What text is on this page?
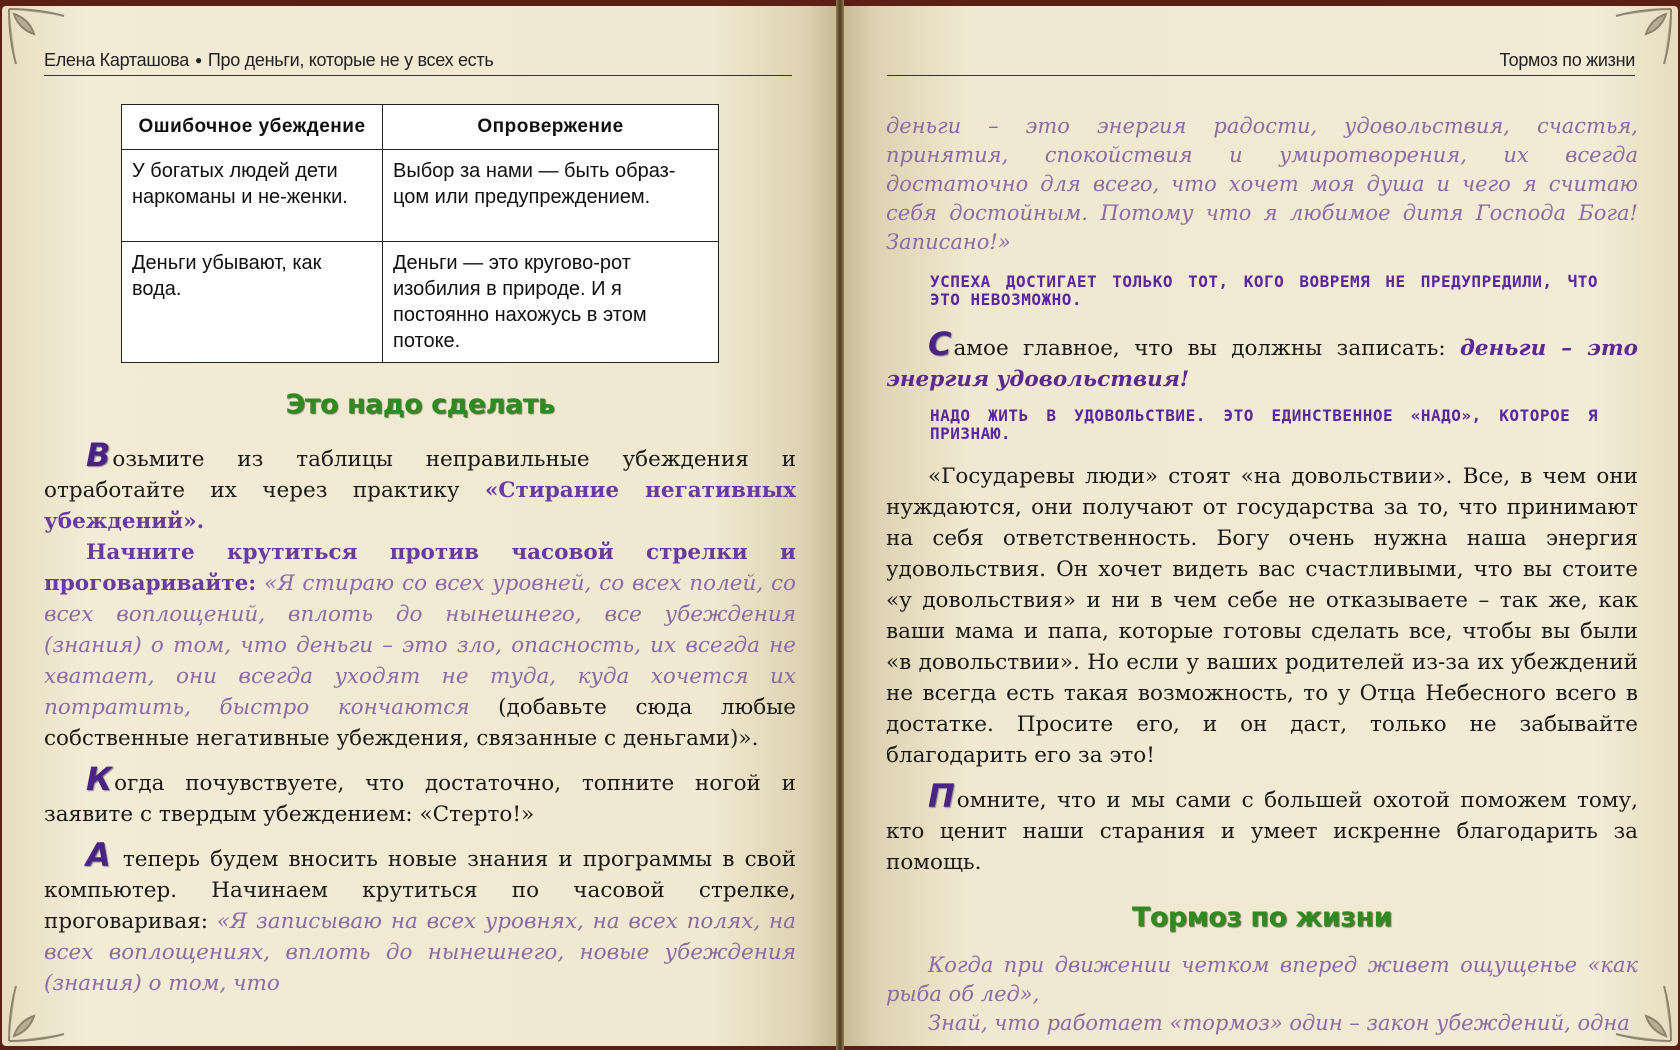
Елена Карташова ● Про деньги, которые не у всех есть	Тормоз по жизни
Ошибочное убеждение	Опровержение
У богатых людей дети наркоманы и не-женки.	Выбор за нами — быть образ-цом или предупреждением.
Деньги убывают, как вода.	Деньги — это кругово-рот изобилия в природе. И я постоянно нахожусь в этом потоке.
Это надо сделать

Возьмите из таблицы неправильные убеждения и отработайте их через практику «Стирание негативных убеждений».

Начните крутиться против часовой стрелки и проговаривайте: «Я стираю со всех уровней, со всех полей, со всех воплощений, вплоть до нынешнего, все убеждения (знания) о том, что деньги – это зло, опасность, их всегда не хватает, они всегда уходят не туда, куда хочется их потратить, быстро кончаются (добавьте сюда любые собственные негативные убеждения, связанные с деньгами)».

Когда почувствуете, что достаточно, топните ногой и заявите с твердым убеждением: «Стерто!»

А теперь будем вносить новые знания и программы в свой компьютер. Начинаем крутиться по часовой стрелке, проговаривая: «Я записываю на всех уровнях, на всех полях, на всех воплощениях, вплоть до нынешнего, новые убеждения (знания) о том, что

деньги – это энергия радости, удовольствия, счастья, принятия, спокойствия и умиротворения, их всегда достаточно для всего, что хочет моя душа и чего я считаю себя достойным. Потому что я любимое дитя Господа Бога! Записано!»

УСПЕХА ДОСТИГАЕТ ТОЛЬКО ТОТ, КОГО ВОВРЕМЯ НЕ ПРЕДУПРЕДИЛИ, ЧТО ЭТО НЕВОЗМОЖНО.

Самое главное, что вы должны записать: деньги – это энергия удовольствия!

НАДО ЖИТЬ В УДОВОЛЬСТВИЕ. ЭТО ЕДИНСТВЕННОЕ «НАДО», КОТОРОЕ Я ПРИЗНАЮ.

«Государевы люди» стоят «на довольствии». Все, в чем они нуждаются, они получают от государства за то, что принимают на себя ответственность. Богу очень нужна наша энергия удовольствия. Он хочет видеть вас счастливыми, что вы стоите «у довольствия» и ни в чем себе не отказываете – так же, как ваши мама и папа, которые готовы сделать все, чтобы вы были «в довольствии». Но если у ваших родителей из-за их убеждений не всегда есть такая возможность, то у Отца Небесного всего в достатке. Просите его, и он даст, только не забывайте благодарить его за это!

Помните, что и мы сами с большей охотой поможем тому, кто ценит наши старания и умеет искренне благодарить за помощь.

Тормоз по жизни

Когда при движении четком вперед живет ощущенье «как рыба об лед»,

Знай, что работает «тормоз» один – закон убеждений, одна
